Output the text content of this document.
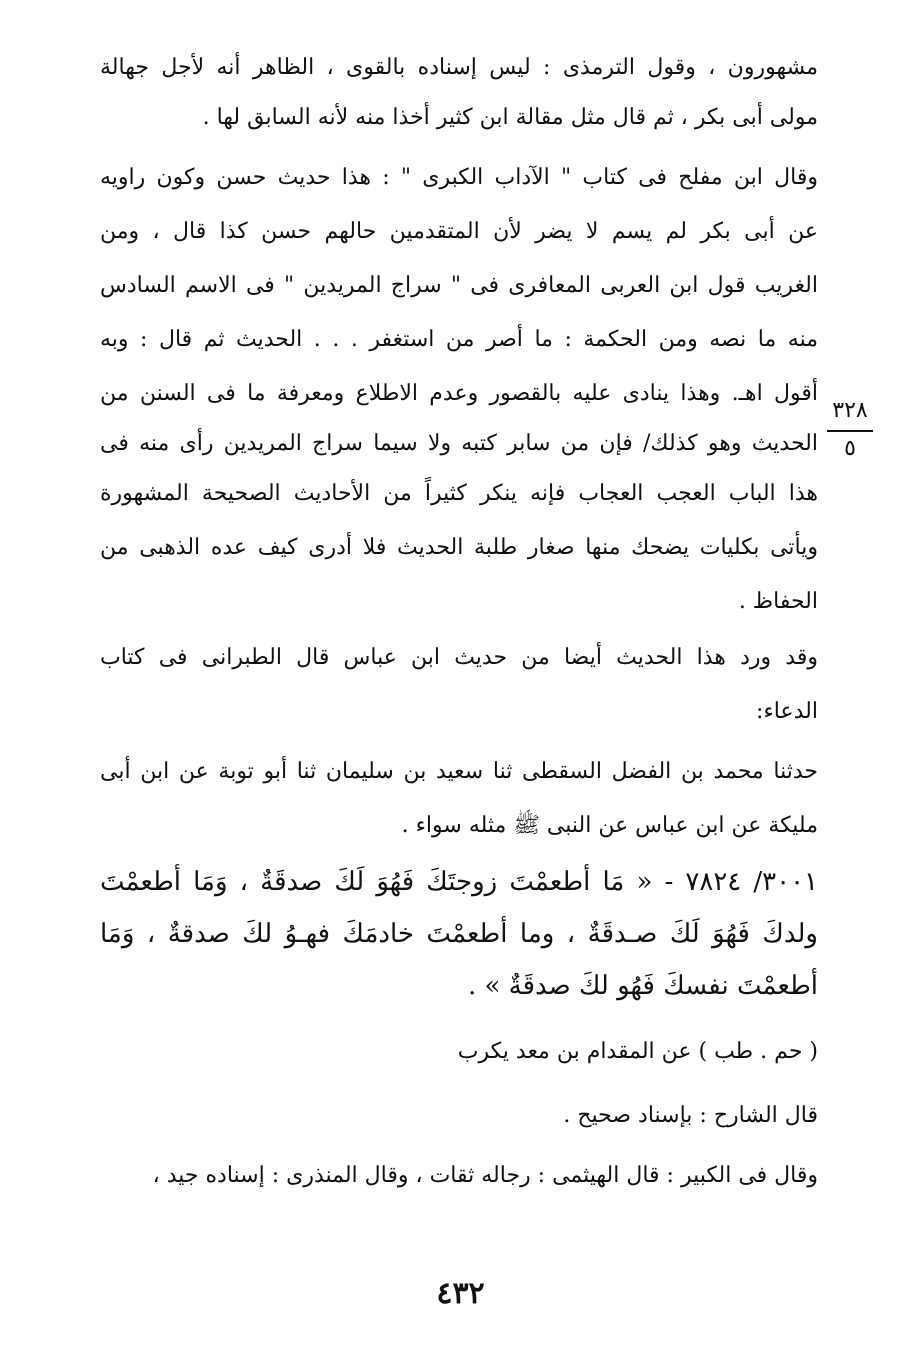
مشهورون ، وقول الترمذى : ليس إسناده بالقوى ، الظاهر أنه لأجل جهالة
مولى أبى بكر ، ثم قال مثل مقالة ابن كثير أخذا منه لأنه السابق لها .
وقال ابن مفلح فى كتاب " الآداب الكبرى " : هذا حديث حسن وكون راويه
عن أبى بكر لم يسم لا يضر لأن المتقدمين حالهم حسن كذا قال ، ومن
الغريب قول ابن العربى المعافرى فى " سراج المريدين " فى الاسم السادس
منه ما نصه ومن الحكمة : ما أصر من استغفر . . . الحديث ثم قال : وبه
أقول اهـ. وهذا ينادى عليه بالقصور وعدم الاطلاع ومعرفة ما فى السنن من
الحديث وهو كذلك/ فإن من سابر كتبه ولا سيما سراج المريدين رأى منه فى
هذا الباب العجب العجاب فإنه ينكر كثيراً من الأحاديث الصحيحة المشهورة
ويأتى بكليات يضحك منها صغار طلبة الحديث فلا أدرى كيف عده الذهبى من
الحفاظ .
وقد ورد هذا الحديث أيضا من حديث ابن عباس قال الطبرانى فى كتاب
الدعاء:
حدثنا محمد بن الفضل السقطى ثنا سعيد بن سليمان ثنا أبو توبة عن ابن أبى
مليكة عن ابن عباس عن النبى ﷺ مثله سواء .
٣٠٠١/ ٧٨٢٤ - « مَا أطعمْتَ زوجتَكَ فَهُوَ لَكَ صدقَةٌ ، وَمَا أطعمْتَ
ولدكَ فَهُوَ لَكَ صـدقَةٌ ، وما أطعمْتَ خادمَكَ فهـوُ لكَ صدقةٌ ، وَمَا
أطعمْتَ نفسكَ فَهُو لكَ صدقَةٌ » .
( حم . طب ) عن المقدام بن معد يكرب
قال الشارح : بإسناد صحيح .
وقال فى الكبير : قال الهيثمى : رجاله ثقات ، وقال المنذرى : إسناده جيد ،
٣٢٨
٥
٤٣٢
